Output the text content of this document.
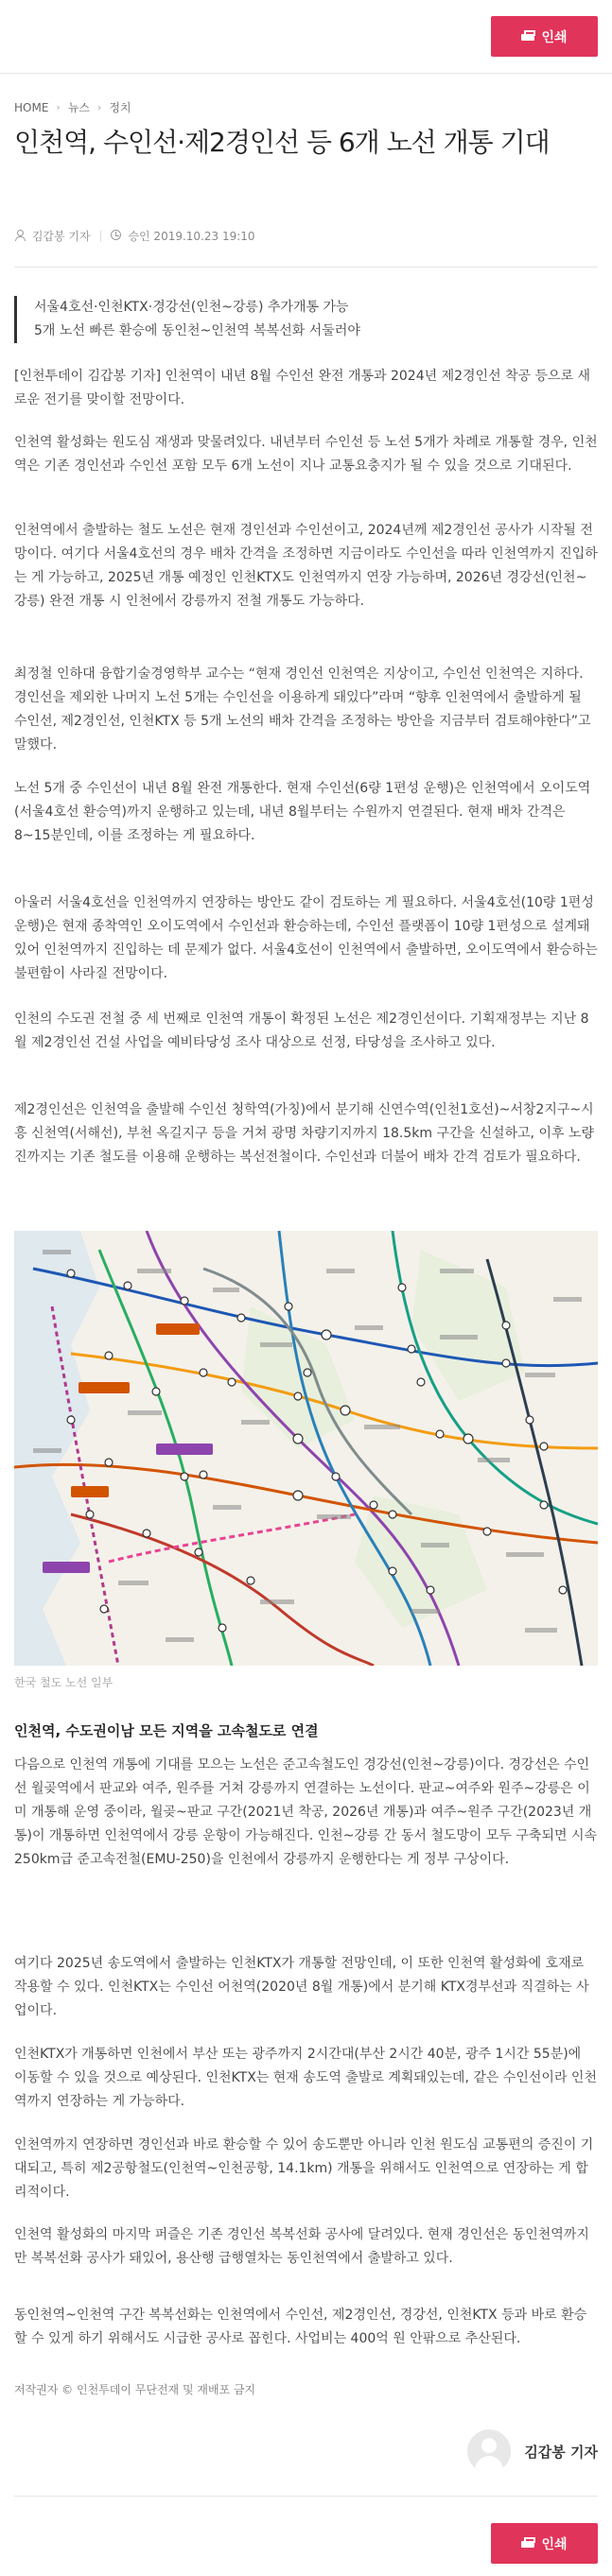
인쇄
HOME › 뉴스 › 정치
인천역, 수인선·제2경인선 등 6개 노선 개통 기대
김갑봉 기자	승인 2019.10.23 19:10
서울4호선·인천KTX·경강선(인천~강릉) 추가개통 가능
5개 노선 빠른 환승에 동인천~인천역 복복선화 서둘러야

[인천투데이 김갑봉 기자] 인천역이 내년 8월 수인선 완전 개통과 2024년 제2경인선 착공 등으로 새로운 전기를 맞이할 전망이다.

인천역 활성화는 원도심 재생과 맞물려있다. 내년부터 수인선 등 노선 5개가 차례로 개통할 경우, 인천역은 기존 경인선과 수인선 포함 모두 6개 노선이 지나 교통요충지가 될 수 있을 것으로 기대된다.

인천역에서 출발하는 철도 노선은 현재 경인선과 수인선이고, 2024년께 제2경인선 공사가 시작될 전망이다. 여기다 서울4호선의 경우 배차 간격을 조정하면 지금이라도 수인선을 따라 인천역까지 진입하는 게 가능하고, 2025년 개통 예정인 인천KTX도 인천역까지 연장 가능하며, 2026년 경강선(인천~강릉) 완전 개통 시 인천에서 강릉까지 전철 개통도 가능하다.

최정철 인하대 융합기술경영학부 교수는 “현재 경인선 인천역은 지상이고, 수인선 인천역은 지하다. 경인선을 제외한 나머지 노선 5개는 수인선을 이용하게 돼있다”라며 “향후 인천역에서 출발하게 될 수인선, 제2경인선, 인천KTX 등 5개 노선의 배차 간격을 조정하는 방안을 지금부터 검토해야한다”고 말했다.

노선 5개 중 수인선이 내년 8월 완전 개통한다. 현재 수인선(6량 1편성 운행)은 인천역에서 오이도역(서울4호선 환승역)까지 운행하고 있는데, 내년 8월부터는 수원까지 연결된다. 현재 배차 간격은 8~15분인데, 이를 조정하는 게 필요하다.

아울러 서울4호선을 인천역까지 연장하는 방안도 같이 검토하는 게 필요하다. 서울4호선(10량 1편성 운행)은 현재 종착역인 오이도역에서 수인선과 환승하는데, 수인선 플랫폼이 10량 1편성으로 설계돼있어 인천역까지 진입하는 데 문제가 없다. 서울4호선이 인천역에서 출발하면, 오이도역에서 환승하는 불편함이 사라질 전망이다.

인천의 수도권 전철 중 세 번째로 인천역 개통이 확정된 노선은 제2경인선이다. 기획재정부는 지난 8월 제2경인선 건설 사업을 예비타당성 조사 대상으로 선정, 타당성을 조사하고 있다.

제2경인선은 인천역을 출발해 수인선 청학역(가칭)에서 분기해 신연수역(인천1호선)~서창2지구~시흥 신천역(서해선), 부천 옥길지구 등을 거쳐 광명 차량기지까지 18.5km 구간을 신설하고, 이후 노량진까지는 기존 철도를 이용해 운행하는 복선전철이다. 수인선과 더불어 배차 간격 검토가 필요하다.

한국 철도 노선 일부
인천역, 수도권이남 모든 지역을 고속철도로 연결

다음으로 인천역 개통에 기대를 모으는 노선은 준고속철도인 경강선(인천~강릉)이다. 경강선은 수인선 월곶역에서 판교와 여주, 원주를 거쳐 강릉까지 연결하는 노선이다. 판교~여주와 원주~강릉은 이미 개통해 운영 중이라, 월곶~판교 구간(2021년 착공, 2026년 개통)과 여주~원주 구간(2023년 개통)이 개통하면 인천역에서 강릉 운항이 가능해진다. 인천~강릉 간 동서 철도망이 모두 구축되면 시속 250km급 준고속전철(EMU-250)을 인천에서 강릉까지 운행한다는 게 정부 구상이다.

여기다 2025년 송도역에서 출발하는 인천KTX가 개통할 전망인데, 이 또한 인천역 활성화에 호재로 작용할 수 있다. 인천KTX는 수인선 어천역(2020년 8월 개통)에서 분기해 KTX경부선과 직결하는 사업이다.

인천KTX가 개통하면 인천에서 부산 또는 광주까지 2시간대(부산 2시간 40분, 광주 1시간 55분)에 이동할 수 있을 것으로 예상된다. 인천KTX는 현재 송도역 출발로 계획돼있는데, 같은 수인선이라 인천역까지 연장하는 게 가능하다.

인천역까지 연장하면 경인선과 바로 환승할 수 있어 송도뿐만 아니라 인천 원도심 교통편의 증진이 기대되고, 특히 제2공항철도(인천역~인천공항, 14.1km) 개통을 위해서도 인천역으로 연장하는 게 합리적이다.

인천역 활성화의 마지막 퍼즐은 기존 경인선 복복선화 공사에 달려있다. 현재 경인선은 동인천역까지만 복복선화 공사가 돼있어, 용산행 급행열차는 동인천역에서 출발하고 있다.

동인천역~인천역 구간 복복선화는 인천역에서 수인선, 제2경인선, 경강선, 인천KTX 등과 바로 환승할 수 있게 하기 위해서도 시급한 공사로 꼽힌다. 사업비는 400억 원 안팎으로 추산된다.

저작권자 © 인천투데이 무단전재 및 재배포 금지
김갑봉 기자
인쇄
